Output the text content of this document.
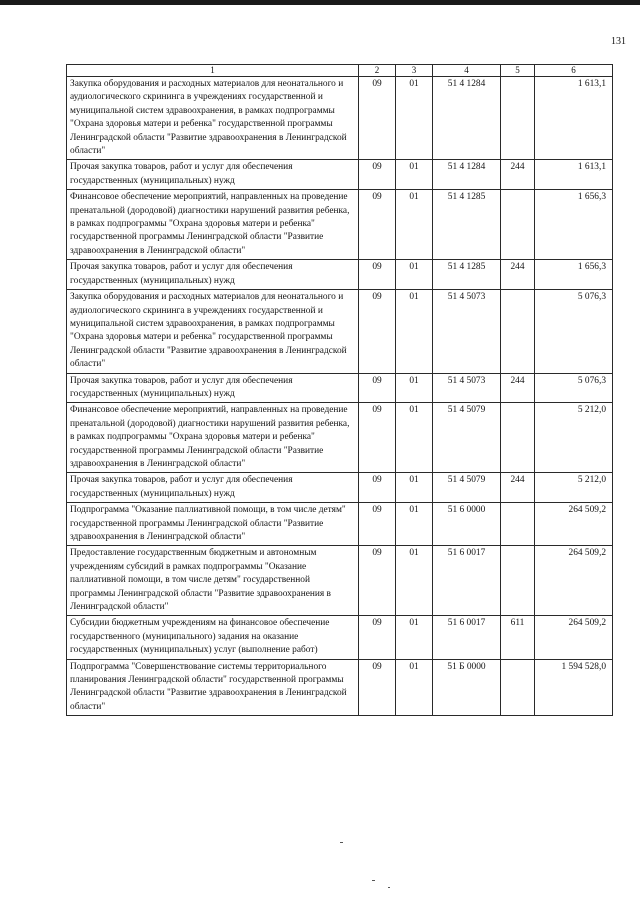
131
1	2	3	4	5	6
Закупка оборудования и расходных материалов для неонатального и аудиологического скрининга в учреждениях государственной и муниципальной систем здравоохранения, в рамках подпрограммы "Охрана здоровья матери и ребенка" государственной программы Ленинградской области "Развитие здравоохранения в Ленинградской области"	09	01	51 4 1284		1 613,1
Прочая закупка товаров, работ и услуг для обеспечения государственных (муниципальных) нужд	09	01	51 4 1284	244	1 613,1
Финансовое обеспечение мероприятий, направленных на проведение пренатальной (дородовой) диагностики нарушений развития ребенка, в рамках подпрограммы "Охрана здоровья матери и ребенка" государственной программы Ленинградской области "Развитие здравоохранения в Ленинградской области"	09	01	51 4 1285		1 656,3
Прочая закупка товаров, работ и услуг для обеспечения государственных (муниципальных) нужд	09	01	51 4 1285	244	1 656,3
Закупка оборудования и расходных материалов для неонатального и аудиологического скрининга в учреждениях государственной и муниципальной систем здравоохранения, в рамках подпрограммы "Охрана здоровья матери и ребенка" государственной программы Ленинградской области "Развитие здравоохранения в Ленинградской области"	09	01	51 4 5073		5 076,3
Прочая закупка товаров, работ и услуг для обеспечения государственных (муниципальных) нужд	09	01	51 4 5073	244	5 076,3
Финансовое обеспечение мероприятий, направленных на проведение пренатальной (дородовой) диагностики нарушений развития ребенка, в рамках подпрограммы "Охрана здоровья матери и ребенка" государственной программы Ленинградской области "Развитие здравоохранения в Ленинградской области"	09	01	51 4 5079		5 212,0
Прочая закупка товаров, работ и услуг для обеспечения государственных (муниципальных) нужд	09	01	51 4 5079	244	5 212,0
Подпрограмма "Оказание паллиативной помощи, в том числе детям" государственной программы Ленинградской области "Развитие здравоохранения в Ленинградской области"	09	01	51 6 0000		264 509,2
Предоставление государственным бюджетным и автономным учреждениям субсидий в рамках подпрограммы "Оказание паллиативной помощи, в том числе детям" государственной программы Ленинградской области "Развитие здравоохранения в Ленинградской области"	09	01	51 6 0017		264 509,2
Субсидии бюджетным учреждениям на финансовое обеспечение государственного (муниципального) задания на оказание государственных (муниципальных) услуг (выполнение работ)	09	01	51 6 0017	611	264 509,2
Подпрограмма "Совершенствование системы территориального планирования Ленинградской области" государственной программы Ленинградской области "Развитие здравоохранения в Ленинградской области"	09	01	51 Б 0000		1 594 528,0
